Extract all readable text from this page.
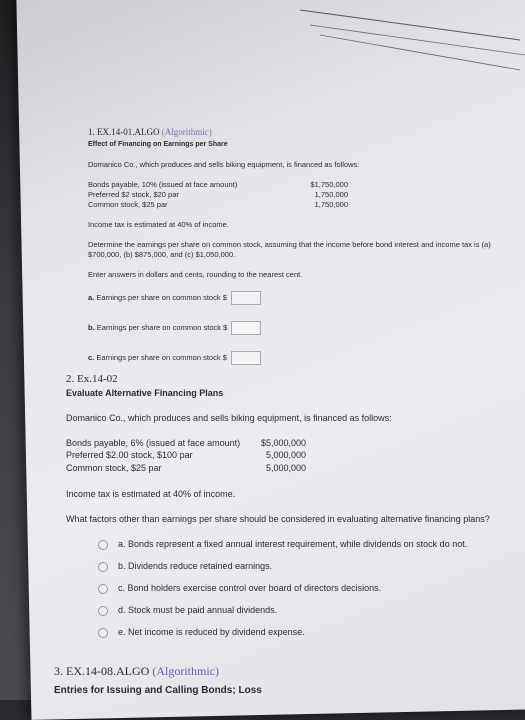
1. EX.14-01.ALGO (Algorithmic)
Effect of Financing on Earnings per Share

Domanico Co., which produces and sells biking equipment, is financed as follows:

Bonds payable, 10% (issued at face amount)	$1,750,000
Preferred $2 stock, $20 par	1,750,000
Common stock, $25 par	1,750,000

Income tax is estimated at 40% of income.

Determine the earnings per share on common stock, assuming that the income before bond interest and income tax is (a) $700,000, (b) $875,000, and (c) $1,050,000.

Enter answers in dollars and cents, rounding to the nearest cent.

a.
Earnings per share on common stock
$
b.
Earnings per share on common stock
$
c.
Earnings per share on common stock
$
2. Ex.14-02
Evaluate Alternative Financing Plans

Domanico Co., which produces and sells biking equipment, is financed as follows:

Bonds payable, 6% (issued at face amount)	$5,000,000
Preferred $2.00 stock, $100 par	5,000,000
Common stock, $25 par	5,000,000

Income tax is estimated at 40% of income.

What factors other than earnings per share should be considered in evaluating alternative financing plans?

a. Bonds represent a fixed annual interest requirement, while dividends on stock do not.
b. Dividends reduce retained earnings.
c. Bond holders exercise control over board of directors decisions.
d. Stock must be paid annual dividends.
e. Net income is reduced by dividend expense.
3. EX.14-08.ALGO (Algorithmic)
Entries for Issuing and Calling Bonds; Loss
